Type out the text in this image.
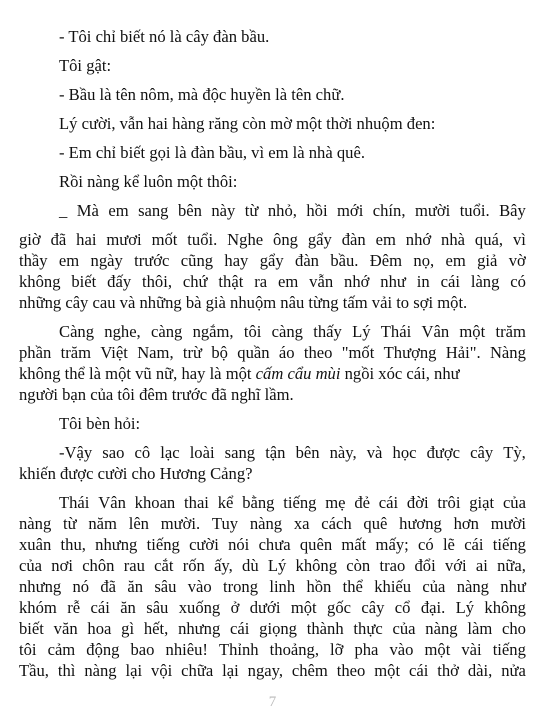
- Tôi chỉ biết nó là cây đàn bầu.
Tôi gật:
- Bầu là tên nôm, mà độc huyền là tên chữ.
Lý cười, vẫn hai hàng răng còn mờ một thời nhuộm đen:
- Em chỉ biết gọi là đàn bầu, vì em là nhà quê.
Rồi nàng kể luôn một thôi:
_ Mà em sang bên này từ nhỏ, hồi mới chín, mười tuổi. Bây
giờ đã hai mươi mốt tuổi. Nghe ông gẩy đàn em nhớ nhà quá, vì
thầy em ngày trước cũng hay gẩy đàn bầu. Đêm nọ, em giả vờ
không biết đấy thôi, chứ thật ra em vẫn nhớ như in cái làng có
những cây cau và những bà già nhuộm nâu từng tấm vải to sợi một.
Càng nghe, càng ngắm, tôi càng thấy Lý Thái Vân một trăm
phần trăm Việt Nam, trừ bộ quần áo theo "mốt Thượng Hải". Nàng
không thể là một vũ nữ, hay là một cấm cẩu mùi ngồi xóc cái, như
người bạn của tôi đêm trước đã nghĩ lầm.
Tôi bèn hỏi:
-Vậy sao cô lạc loài sang tận bên này, và học được cây Tỳ,
khiến được cười cho Hương Cảng?
Thái Vân khoan thai kể bằng tiếng mẹ đẻ cái đời trôi giạt của
nàng từ năm lên mười. Tuy nàng xa cách quê hương hơn mười
xuân thu, nhưng tiếng cười nói chưa quên mất mấy; có lẽ cái tiếng
của nơi chôn rau cắt rốn ấy, dù Lý không còn trao đổi với ai nữa,
nhưng nó đã ăn sâu vào trong linh hồn thể khiếu của nàng như
khóm rễ cái ăn sâu xuống ở dưới một gốc cây cổ đại. Lý không
biết văn hoa gì hết, nhưng cái giọng thành thực của nàng làm cho
tôi cảm động bao nhiêu! Thỉnh thoảng, lỡ pha vào một vài tiếng
Tầu, thì nàng lại vội chữa lại ngay, chêm theo một cái thở dài, nửa
7
